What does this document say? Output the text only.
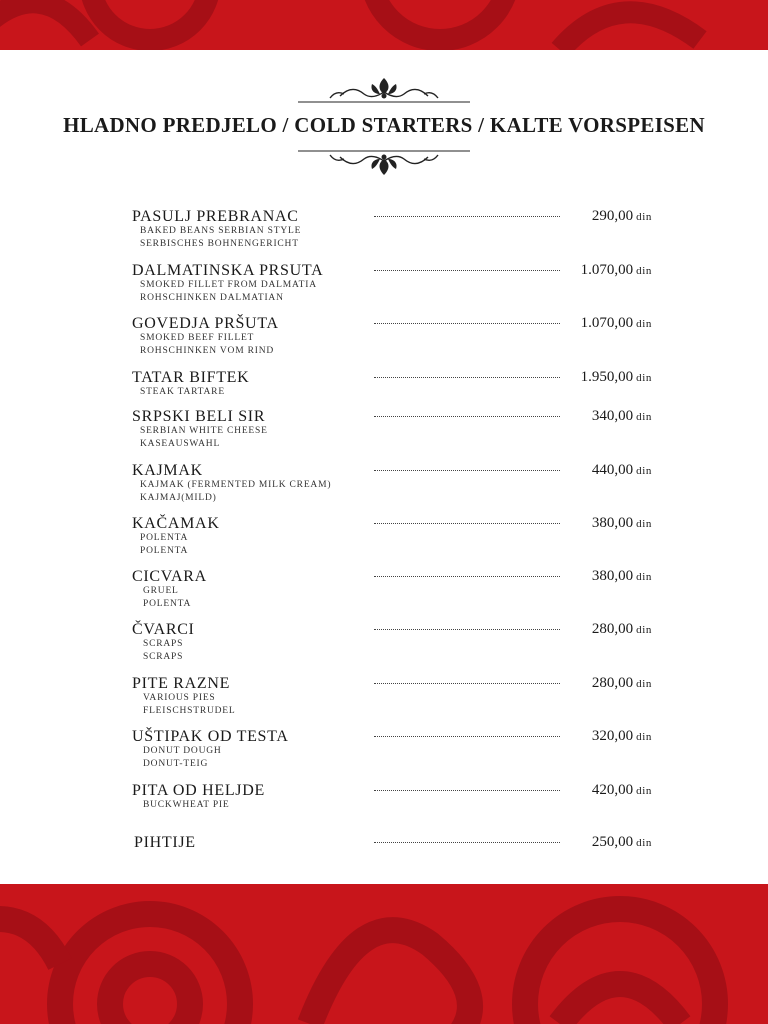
HLADNO PREDJELO / COLD STARTERS / KALTE VORSPEISEN
PASULJ PREBRANAC	290,00 din
BAKED BEANS SERBIAN STYLE
SERBISCHES BOHNENGERICHT
DALMATINSKA PRSUTA	1.070,00 din
SMOKED FILLET FROM DALMATIA
ROHSCHINKEN DALMATIAN
GOVEDJA PRŠUTA	1.070,00 din
SMOKED BEEF FILLET
ROHSCHINKEN VOM RIND
TATAR BIFTEK	1.950,00 din
STEAK TARTARE
SRPSKI BELI SIR	340,00 din
SERBIAN WHITE CHEESE
KASEAUSWAHL
KAJMAK	440,00 din
KAJMAK (FERMENTED MILK CREAM)
KAJMAJ(MILD)
KAČAMAK	380,00 din
POLENTA
POLENTA
CICVARA	380,00 din
GRUEL
POLENTA
ČVARCI	280,00 din
SCRAPS
SCRAPS
PITE RAZNE	280,00 din
VARIOUS PIES
FLEISCHSTRUDEL
UŠTIPAK OD TESTA	320,00 din
DONUT DOUGH
DONUT-TEIG
PITA OD HELJDE	420,00 din
BUCKWHEAT PIE
PIHTIJE	250,00 din
